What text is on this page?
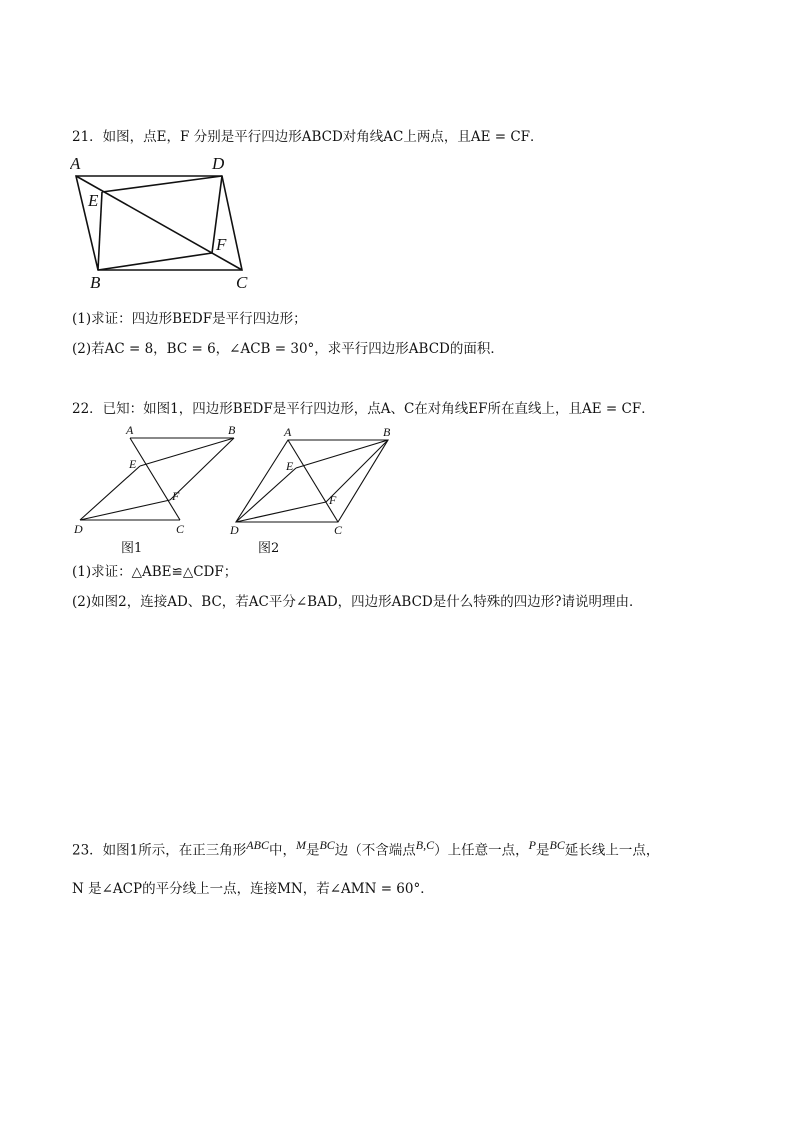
21．如图，点E，F 分别是平行四边形ABCD对角线AC上两点，且AE = CF．
A	D
E
F
B	C
(1)求证：四边形BEDF是平行四边形；
(2)若AC = 8，BC = 6，∠ACB = 30°，求平行四边形ABCD的面积．
22．已知：如图1，四边形BEDF是平行四边形，点A、C在对角线EF所在直线上，且AE = CF．
A	B
E
F
D	C
图1
A	B
E
F
D	C
图2
(1)求证：△ABE≌△CDF；
(2)如图2，连接AD、BC，若AC平分∠BAD，四边形ABCD是什么特殊的四边形?请说明理由．
23．如图1所示，在正三角形$^{ABC}$中，$^M$是$^{BC}$边（不含端点$^{B,C}$）上任意一点，$^P$是$^{BC}$延长线上一点，
N 是∠ACP的平分线上一点，连接MN，若∠AMN = 60°．
